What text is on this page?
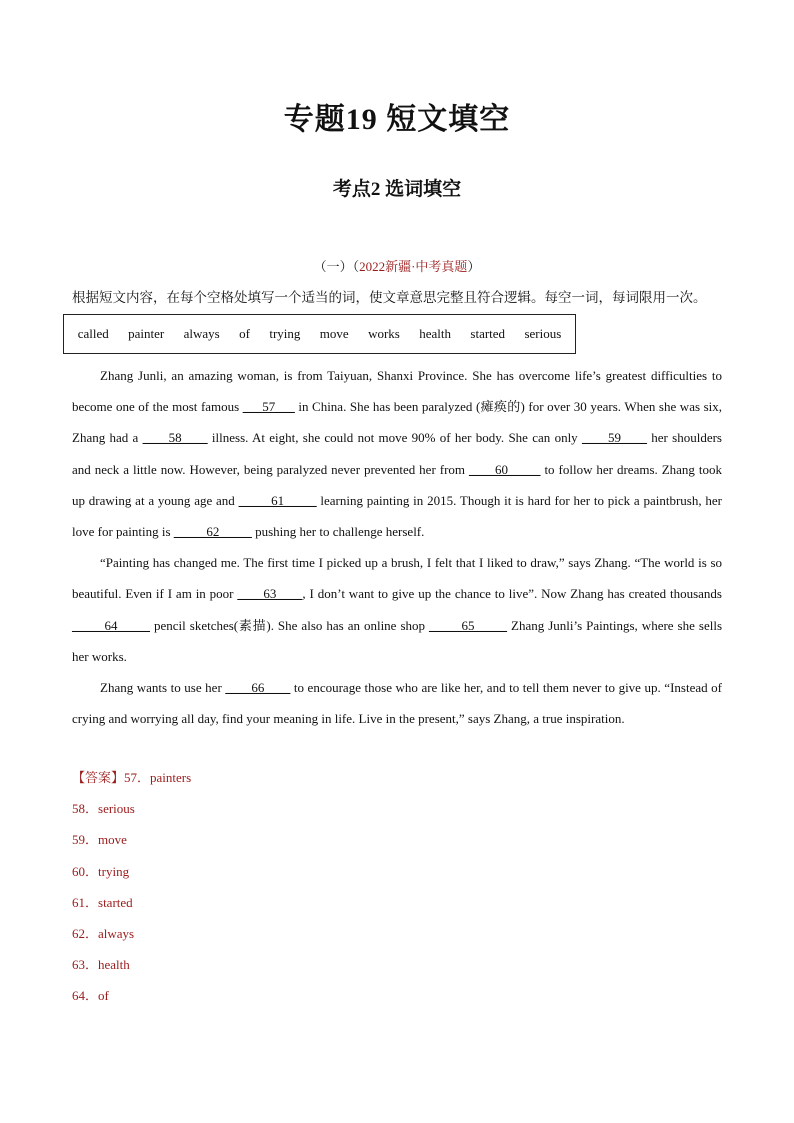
专题19 短文填空
考点2 选词填空
（一）（2022新疆·中考真题）
根据短文内容，在每个空格处填写一个适当的词，使文章意思完整且符合逻辑。每空一词，每词限用一次。
called painter always of trying move works health started serious

Zhang Junli, an amazing woman, is from Taiyuan, Shanxi Province. She has overcome life’s greatest difficulties to become one of the most famous ___57___ in China. She has been paralyzed (瘫痪的) for over 30 years. When she was six, Zhang had a ____58____ illness. At eight, she could not move 90% of her body. She can only ____59____ her shoulders and neck a little now. However, being paralyzed never prevented her from ____60_____ to follow her dreams. Zhang took up drawing at a young age and _____61_____ learning painting in 2015. Though it is hard for her to pick a paintbrush, her love for painting is _____62_____ pushing her to challenge herself.

“Painting has changed me. The first time I picked up a brush, I felt that I liked to draw,” says Zhang. “The world is so beautiful. Even if I am in poor ____63____, I don’t want to give up the chance to live”. Now Zhang has created thousands _____64_____ pencil sketches(素描). She also has an online shop _____65_____ Zhang Junli’s Paintings, where she sells her works.

Zhang wants to use her ____66____ to encourage those who are like her, and to tell them never to give up. “Instead of crying and worrying all day, find your meaning in life. Live in the present,” says Zhang, a true inspiration.

【答案】57．painters
58．serious
59．move
60．trying
61．started
62．always
63．health
64．of
